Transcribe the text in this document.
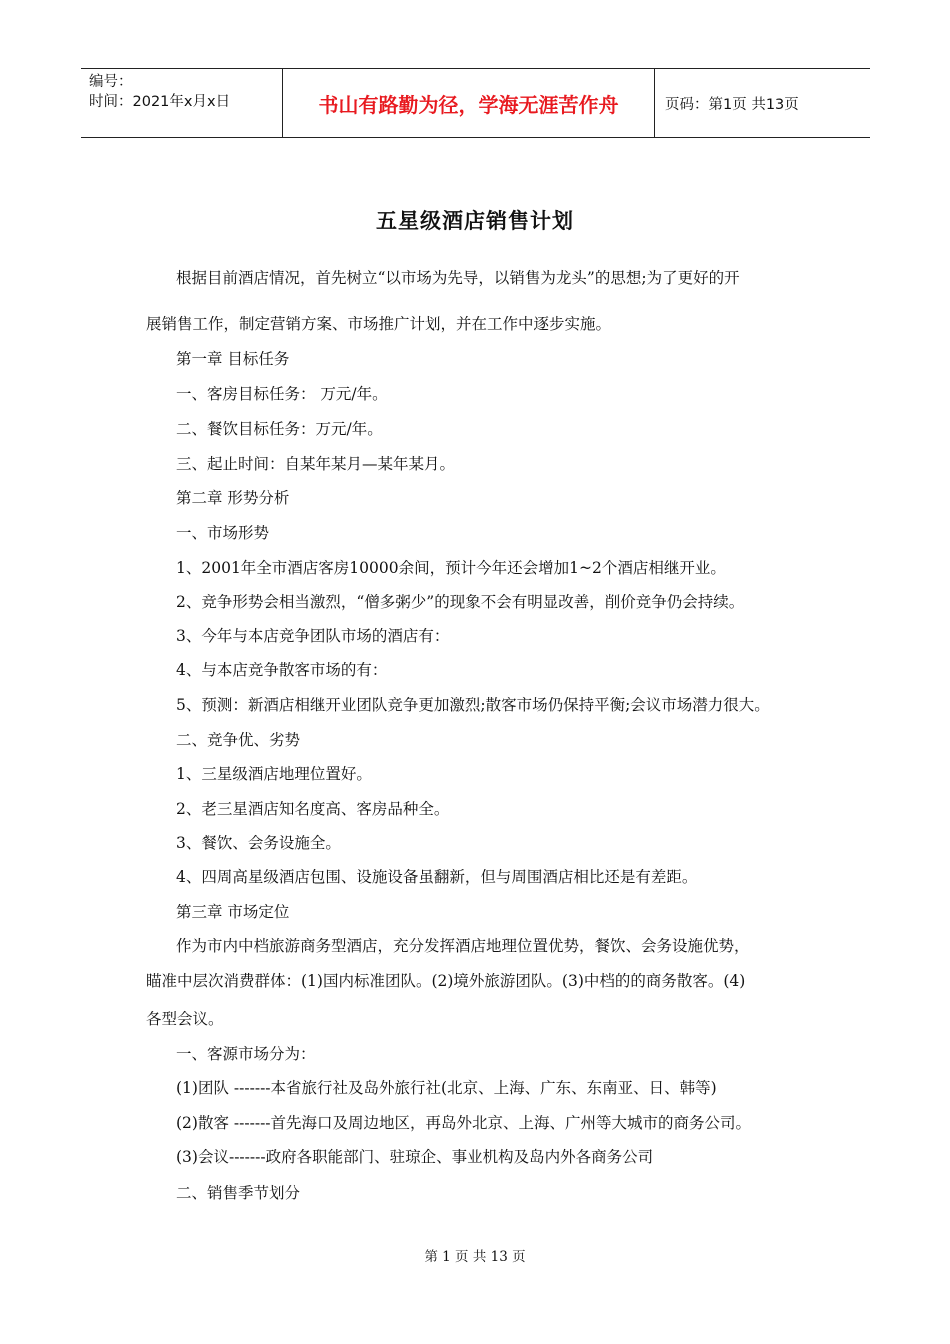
编号：
时间：2021年x月x日	书山有路勤为径，学海无涯苦作舟	页码：第1页 共13页
五星级酒店销售计划
根据目前酒店情况，首先树立“以市场为先导，以销售为龙头”的思想;为了更好的开
展销售工作，制定营销方案、市场推广计划，并在工作中逐步实施。
第一章 目标任务
一、客房目标任务： 万元/年。
二、餐饮目标任务：万元/年。
三、起止时间：自某年某月—某年某月。
第二章 形势分析
一、市场形势
1、2001年全市酒店客房10000余间，预计今年还会增加1~2个酒店相继开业。
2、竞争形势会相当激烈，“僧多粥少”的现象不会有明显改善，削价竞争仍会持续。
3、今年与本店竞争团队市场的酒店有：
4、与本店竞争散客市场的有：
5、预测：新酒店相继开业团队竞争更加激烈;散客市场仍保持平衡;会议市场潜力很大。
二、竞争优、劣势
1、三星级酒店地理位置好。
2、老三星酒店知名度高、客房品种全。
3、餐饮、会务设施全。
4、四周高星级酒店包围、设施设备虽翻新，但与周围酒店相比还是有差距。
第三章 市场定位
作为市内中档旅游商务型酒店，充分发挥酒店地理位置优势，餐饮、会务设施优势，
瞄准中层次消费群体：(1)国内标准团队。(2)境外旅游团队。(3)中档的的商务散客。(4)
各型会议。
一、客源市场分为：
(1)团队 -------本省旅行社及岛外旅行社(北京、上海、广东、东南亚、日、韩等)
(2)散客 -------首先海口及周边地区，再岛外北京、上海、广州等大城市的商务公司。
(3)会议-------政府各职能部门、驻琼企、事业机构及岛内外各商务公司
二、销售季节划分
第 1 页 共 13 页
